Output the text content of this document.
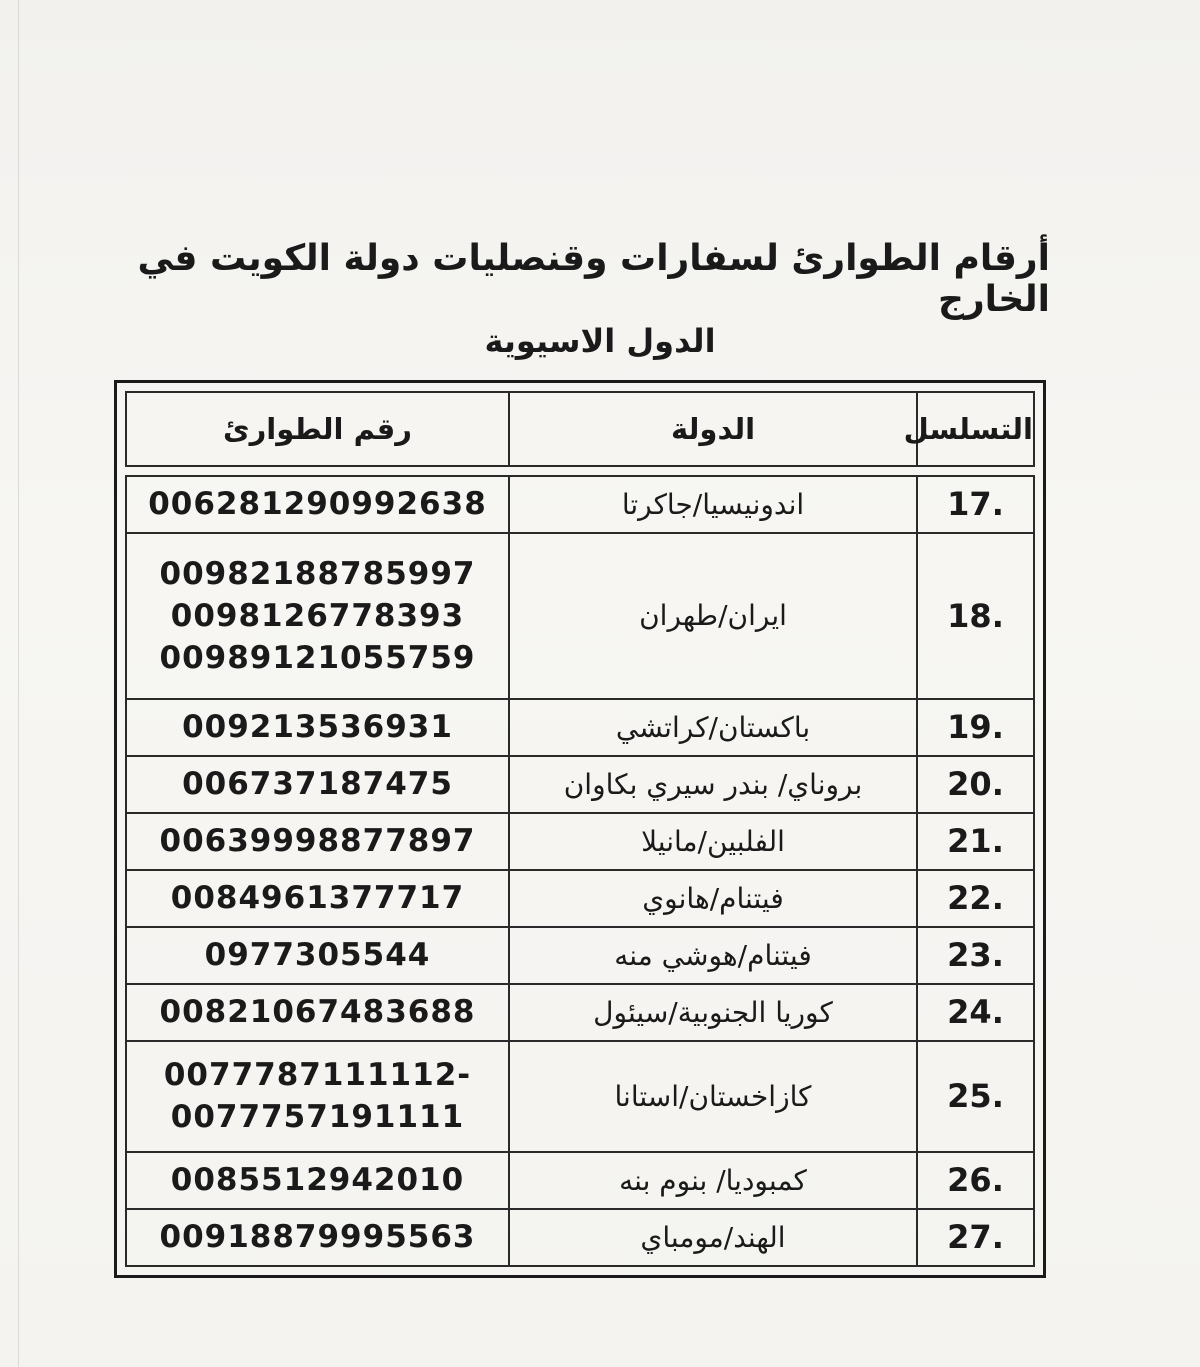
أرقام الطوارئ لسفارات وقنصليات دولة الكويت في الخارج
الدول الاسيوية
التسلسل	الدولة	رقم الطوارئ

17.	اندونيسيا/جاكرتا	006281290992638

18.	ايران/طهران	00982188785997
0098126778393
00989121055759

19.	باكستان/كراتشي	009213536931

20.	بروناي/ بندر سيري بكاوان	006737187475

21.	الفلبين/مانيلا	00639998877897

22.	فيتنام/هانوي	0084961377717

23.	فيتنام/هوشي منه	0977305544

24.	كوريا الجنوبية/سيئول	00821067483688

25.	كازاخستان/استانا	0077787111112-
0077757191111

26.	كمبوديا/ بنوم بنه	0085512942010

27.	الهند/مومباي	00918879995563
